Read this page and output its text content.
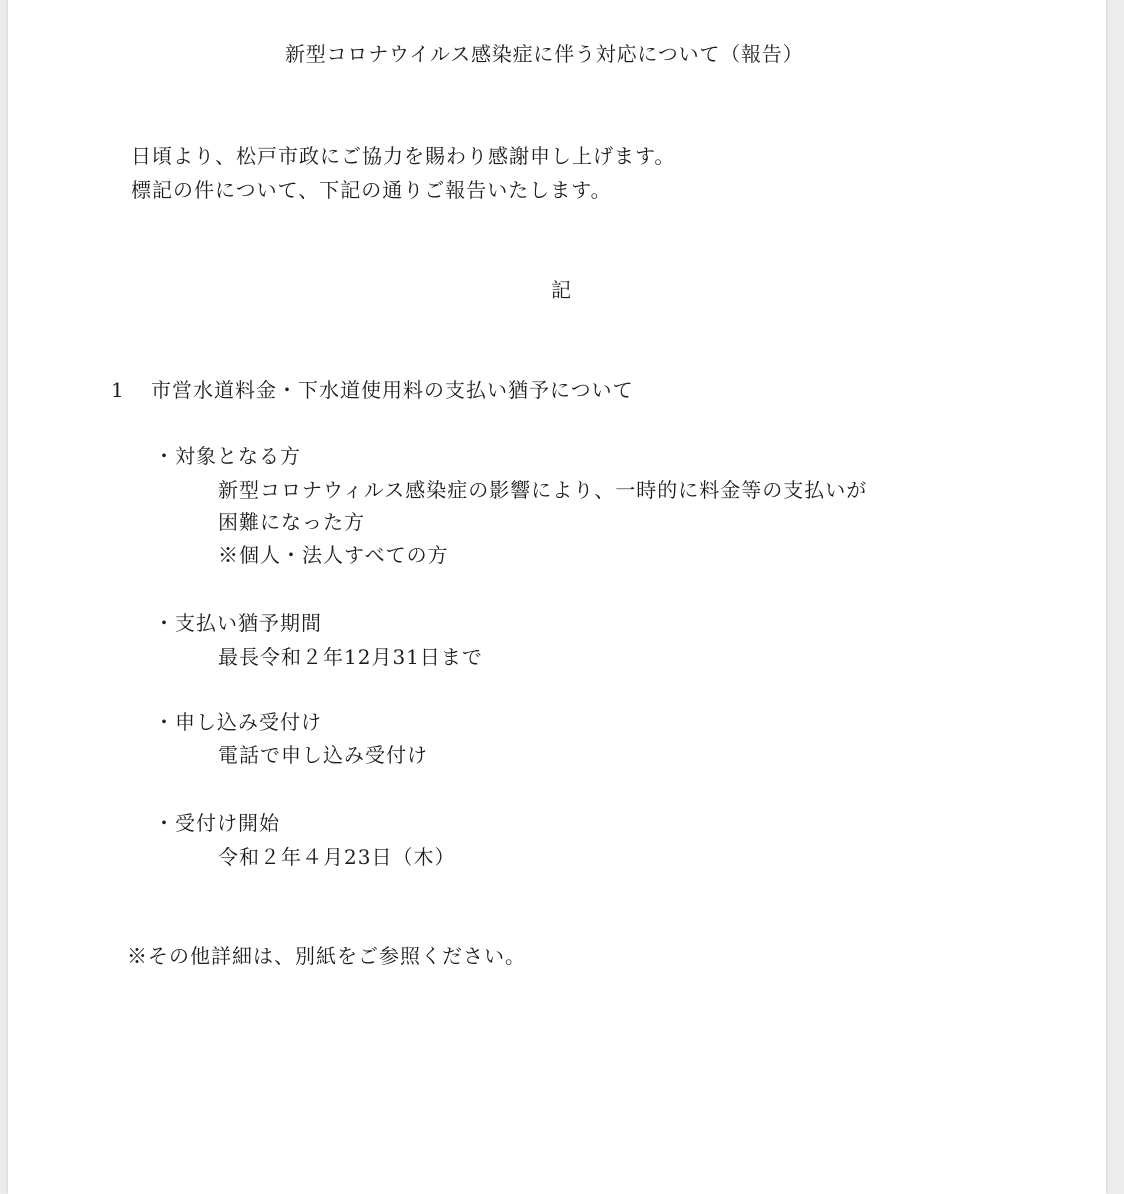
新型コロナウイルス感染症に伴う対応について（報告）
日頃より、松戸市政にご協力を賜わり感謝申し上げます。
標記の件について、下記の通りご報告いたします。
記
1 市営水道料金・下水道使用料の支払い猶予について
・対象となる方
新型コロナウィルス感染症の影響により、一時的に料金等の支払いが
困難になった方
※個人・法人すべての方
・支払い猶予期間
最長令和２年12月31日まで
・申し込み受付け
電話で申し込み受付け
・受付け開始
令和２年４月23日（木）
※その他詳細は、別紙をご参照ください。
